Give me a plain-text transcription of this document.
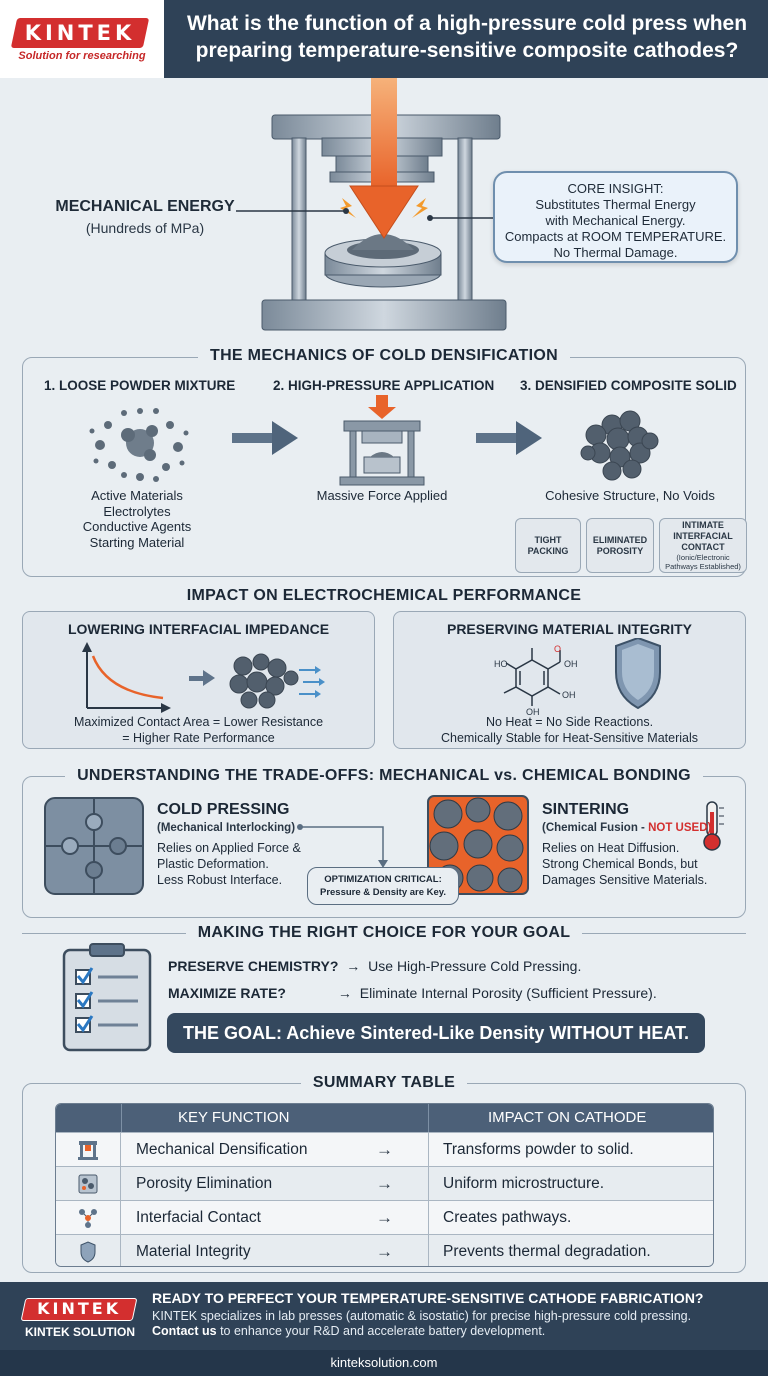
KINTEK
Solution for researching
What is the function of a high-pressure cold press when preparing temperature-sensitive composite cathodes?
MECHANICAL ENERGY
(Hundreds of MPa)
CORE INSIGHT:
Substitutes Thermal Energy
with Mechanical Energy.
Compacts at ROOM TEMPERATURE.
No Thermal Damage.
THE MECHANICS OF COLD DENSIFICATION
1. LOOSE POWDER MIXTURE	2. HIGH-PRESSURE APPLICATION 3. DENSIFIED COMPOSITE SOLID
Active Materials
Electrolytes
Conductive Agents
Starting Material
Massive Force Applied	Cohesive Structure, No Voids
TIGHT PACKING
ELIMINATED POROSITY
INTIMATE INTERFACIAL CONTACT
(Ionic/Electronic Pathways Established)
IMPACT ON ELECTROCHEMICAL PERFORMANCE
LOWERING INTERFACIAL IMPEDANCE
Maximized Contact Area = Lower Resistance
= Higher Rate Performance
PRESERVING MATERIAL INTEGRITY
HO	OH
OH
OH
O
No Heat = No Side Reactions.
Chemically Stable for Heat-Sensitive Materials
UNDERSTANDING THE TRADE-OFFS: MECHANICAL vs. CHEMICAL BONDING
COLD PRESSING
(Mechanical Interlocking)
Relies on Applied Force &
Plastic Deformation.
Less Robust Interface.	OPTIMIZATION CRITICAL:
Pressure & Density are Key.
SINTERING
(Chemical Fusion - NOT USED)
Relies on Heat Diffusion.
Strong Chemical Bonds, but
Damages Sensitive Materials.
MAKING THE RIGHT CHOICE FOR YOUR GOAL
PRESERVE CHEMISTRY? → Use High-Pressure Cold Pressing.
MAXIMIZE RATE?	→ Eliminate Internal Porosity (Sufficient Pressure).
THE GOAL: Achieve Sintered-Like Density WITHOUT HEAT.
SUMMARY TABLE
KEY FUNCTION	IMPACT ON CATHODE
Mechanical Densification	→	Transforms powder to solid.
Porosity Elimination	→	Uniform microstructure.
Interfacial Contact	→	Creates pathways.
Material Integrity	→	Prevents thermal degradation.
KINTEK
KINTEK SOLUTION
READY TO PERFECT YOUR TEMPERATURE-SENSITIVE CATHODE FABRICATION?
KINTEK specializes in lab presses (automatic & isostatic) for precise high-pressure cold pressing.
Contact us to enhance your R&D and accelerate battery development.
kinteksolution.com
